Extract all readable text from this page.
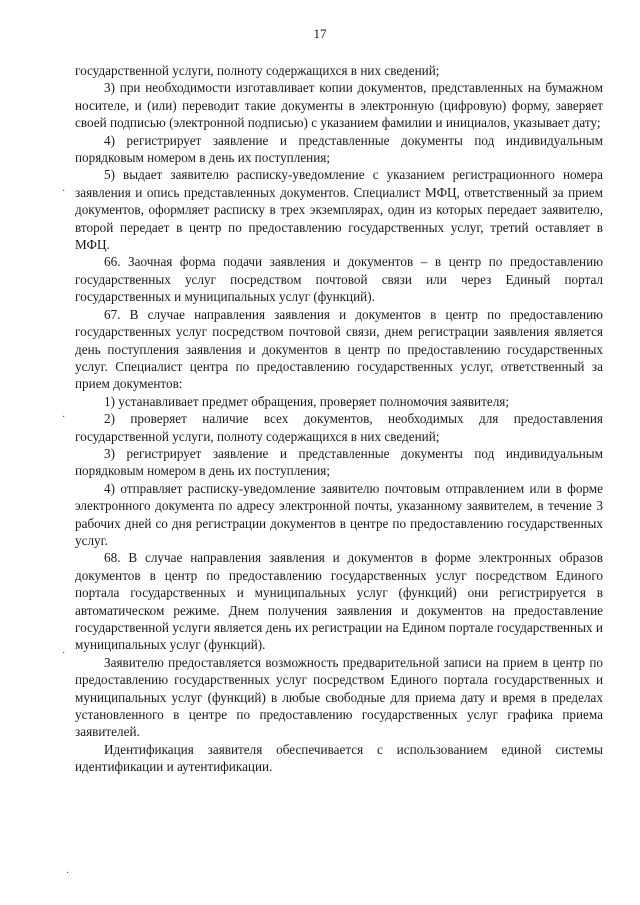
17

государственной услуги, полноту содержащихся в них сведений;

3) при необходимости изготавливает копии документов, представленных на бумажном носителе, и (или) переводит такие документы в электронную (цифровую) форму, заверяет своей подписью (электронной подписью) с указанием фамилии и инициалов, указывает дату;

4) регистрирует заявление и представленные документы под индивидуальным порядковым номером в день их поступления;

5) выдает заявителю расписку-уведомление с указанием регистрационного номера заявления и опись представленных документов. Специалист МФЦ, ответственный за прием документов, оформляет расписку в трех экземплярах, один из которых передает заявителю, второй передает в центр по предоставлению государственных услуг, третий оставляет в МФЦ.

66. Заочная форма подачи заявления и документов – в центр по предоставлению государственных услуг посредством почтовой связи или через Единый портал государственных и муниципальных услуг (функций).

67. В случае направления заявления и документов в центр по предоставлению государственных услуг посредством почтовой связи, днем регистрации заявления является день поступления заявления и документов в центр по предоставлению государственных услуг. Специалист центра по предоставлению государственных услуг, ответственный за прием документов:

1) устанавливает предмет обращения, проверяет полномочия заявителя;

2) проверяет наличие всех документов, необходимых для предоставления государственной услуги, полноту содержащихся в них сведений;

3) регистрирует заявление и представленные документы под индивидуальным порядковым номером в день их поступления;

4) отправляет расписку-уведомление заявителю почтовым отправлением или в форме электронного документа по адресу электронной почты, указанному заявителем, в течение 3 рабочих дней со дня регистрации документов в центре по предоставлению государственных услуг.

68. В случае направления заявления и документов в форме электронных образов документов в центр по предоставлению государственных услуг посредством Единого портала государственных и муниципальных услуг (функций) они регистрируется в автоматическом режиме. Днем получения заявления и документов на предоставление государственной услуги является день их регистрации на Едином портале государственных и муниципальных услуг (функций).

Заявителю предоставляется возможность предварительной записи на прием в центр по предоставлению государственных услуг посредством Единого портала государственных и муниципальных услуг (функций) в любые свободные для приема дату и время в пределах установленного в центре по предоставлению государственных услуг графика приема заявителей.

Идентификация заявителя обеспечивается с использованием единой системы идентификации и аутентификации.

·
·
·
·
